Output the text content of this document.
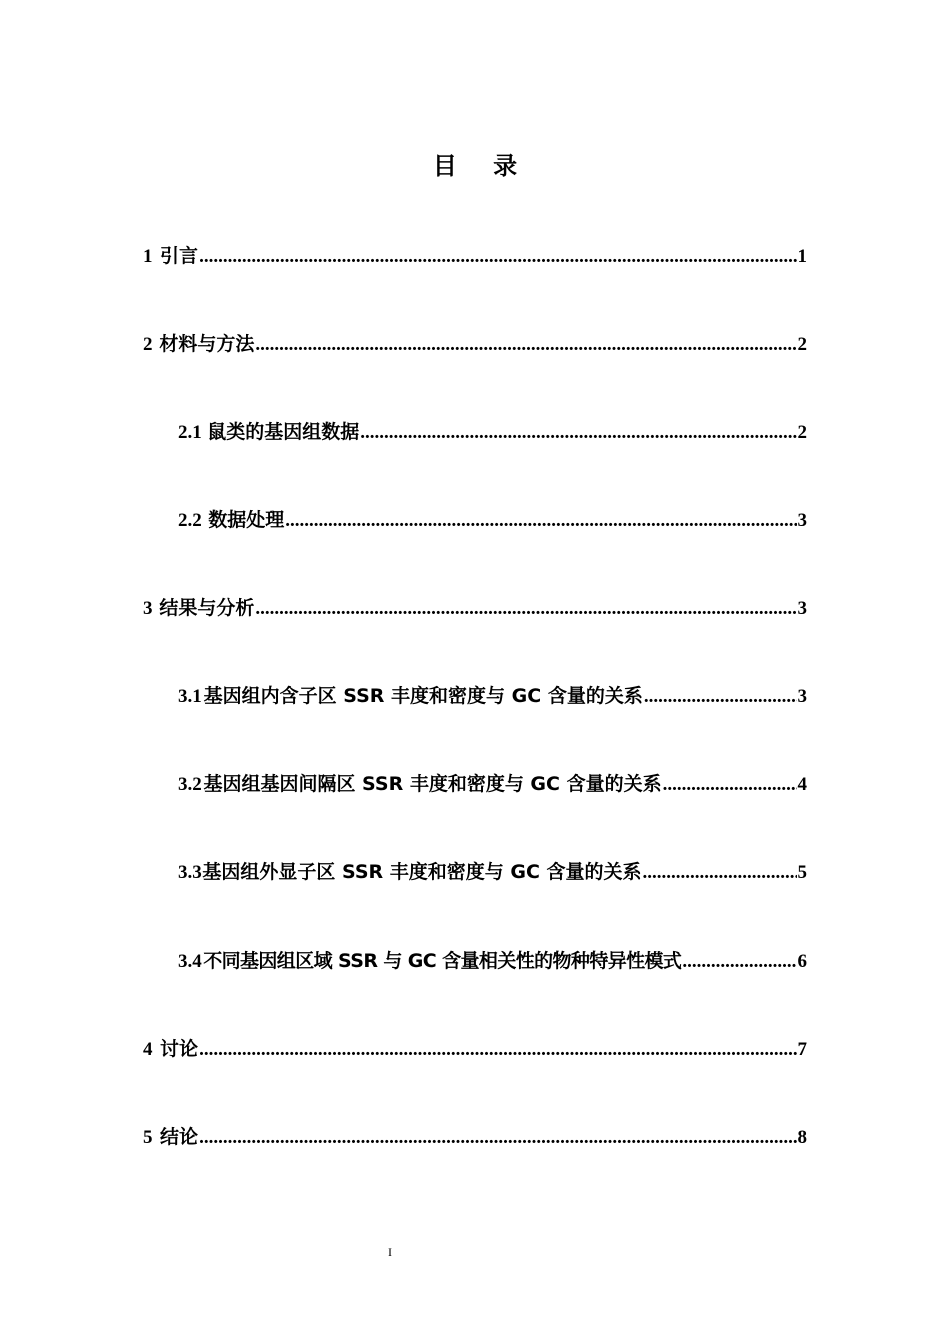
目 录
1 引言 .....	1
2 材料与方法 .....	2
2.1 鼠类的基因组数据 .....	2
2.2 数据处理 .....	3
3 结果与分析 .....	3
3.1 基因组内含子区 SSR 丰度和密度与 GC 含量的关系 .....	3
3.2 基因组基因间隔区 SSR 丰度和密度与 GC 含量的关系 .....	4
3.3 基因组外显子区 SSR 丰度和密度与 GC 含量的关系 .....	5
3.4 不同基因组区域 SSR 与 GC 含量相关性的物种特异性模式 .....	6
4 讨论 .....	7
5 结论 .....	8
I
